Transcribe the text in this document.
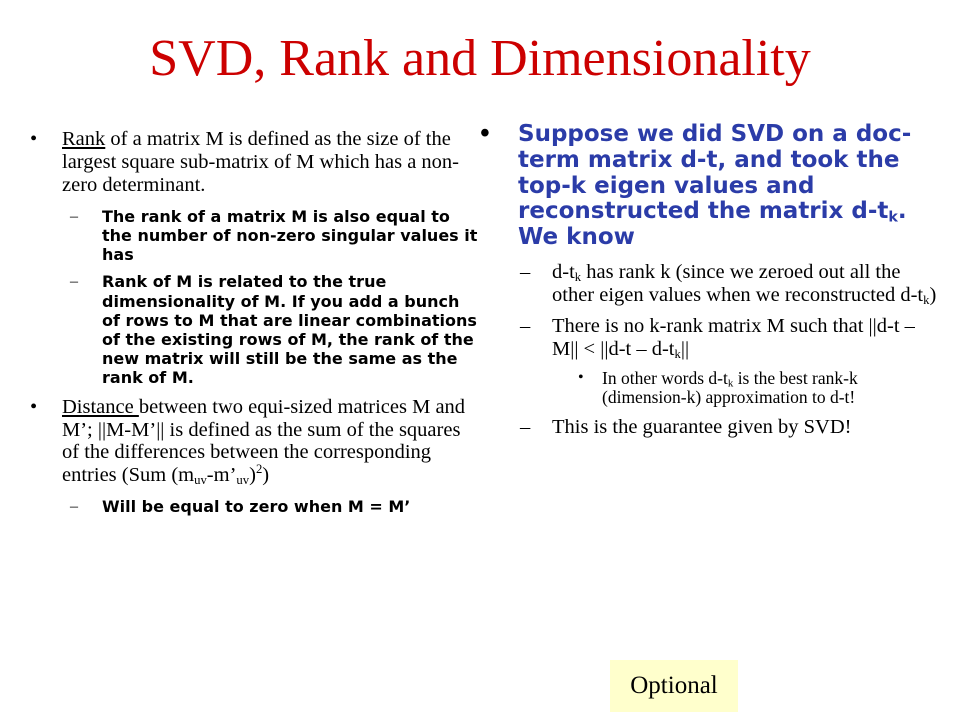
SVD, Rank and Dimensionality
• Rank of a matrix M is defined as the size of the largest square sub-matrix of M which has a non-zero determinant.
– The rank of a matrix M is also equal to the number of non-zero singular values it has
– Rank of M is related to the true dimensionality of M. If you add a bunch of rows to M that are linear combinations of the existing rows of M, the rank of the new matrix will still be the same as the rank of M.
• Distance between two equi-sized matrices M and M’; ||M-M’|| is defined as the sum of the squares of the differences between the corresponding entries (Sum $(m_{uv}-m’_{uv})^2$)
– Will be equal to zero when M = M’
• Suppose we did SVD on a doc-term matrix d-t, and took the top-k eigen values and reconstructed the matrix $d-t_k$. We know
– $d-t_k$ has rank k (since we zeroed out all the other eigen values when we reconstructed $d-t_k$)
– There is no k-rank matrix M such that ||d-t $-M|| < ||d-t - d-t_k||$
• In other words $d-t_k$ is the best rank-k (dimension-k) approximation to d-t!
– This is the guarantee given by SVD!
Optional
